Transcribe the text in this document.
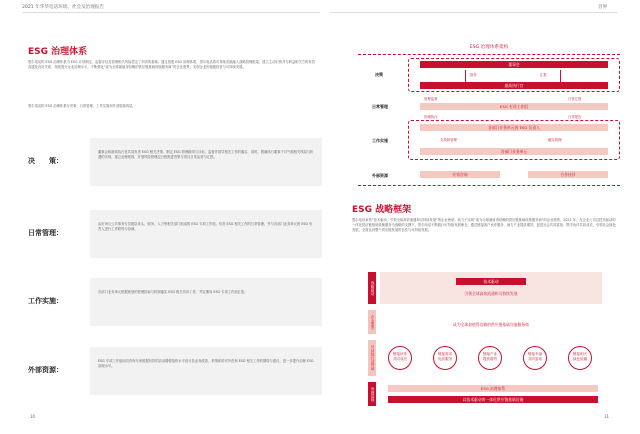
2021 年华华电话环境、社会及治理报告	首界
ESG 治理体系
思尔电话的 ESG 治理体系为 ESG 计划制定、监督评估及管理相关风险奠定了牢固的基础。通过搭建 ESG 治理体系，思尔电话将可持续发展融入战略管理框架，建立主动识别并与利益相关方的有效沟通及良好关系，持续提升企业治理水平，不断强化“成为全球最值得信赖的供应链基础设施服务商”的企业愿景，实现企业的稳健经营与可持续发展。
思尔电话的 ESG 治理体系分决策、日常管理、工作实施和外部资源四层。
决　　策：
董事会和最高执行官共同负责 ESG 相关决策、制定 ESG 管理路线与目标，监督并指导相关工作的落实，同时，圆满执行董事于对气候相关风险与机遇的识别，建立治理规则，开展风险管理层日程推进决策与项目日常运营与汇报。
日常管理：
由市场与公共事务专员团队牵头，财务、人力等相关部门组成的 ESG 专项工作组，负责 ESG 相关工作的日常管理，并与各部门业务单元的 ESG 负责人进行工作联络与协调。
工作实施：
各部门业务单元根据规划的管理指标与机制落实 ESG 相关具体工作，并定期向 ESG 专项工作组汇报。
外部资源：
ESG 专项工作组协同咨询专家根据有效的活动增强组织水平设计及业务改善，采纳体的对外咨询 ESG 相关工作的期待与建议，进一步提升治理 ESG 治理水平。
10
ESG 治理体系架构
决策
董事会
指导	汇报
最高执行官
日常管理
管理监督	日常汇报
ESG 专项工作组
工作实施
协调执行	日常报告
各部门业务单元的 ESG 负责人
支持和管理	落实管理
各部门业务单元
外部资源	专家咨询	合作伙伴
ESG 战略框架
思尔电话秉持“技术驱动、引领全球高效流通和可持续发展”的企业使命。致力于实现“成为全球最值得信赖的供应链基础设施服务商”的企业愿景。2021 年，在企业公司以技术驱动的一体化供应链基础设施服务为战略的支撑下，思尔电话不断践行可持续发展理念，通过链接客户伙伴服务、助力产业提质增效、促进社会共同富裕，携手伙伴共同成长，引领社会绿色发展，全面达到整个供应链发展的良性与可持续发展。
战略驱动	技术驱动
引领全球高效流通和可持续发展
企业愿景	成为全球最值得信赖的供应链基础设施服务商
可持续行动领域	链接伙伴
共同成长
链接需求
优质服务
链接产业
提质增效
链接幸福
共同富裕
链接明天
绿色低碳
治理基础	ESG 治理体系
以技术驱动的一体化供应链基础设施
11
